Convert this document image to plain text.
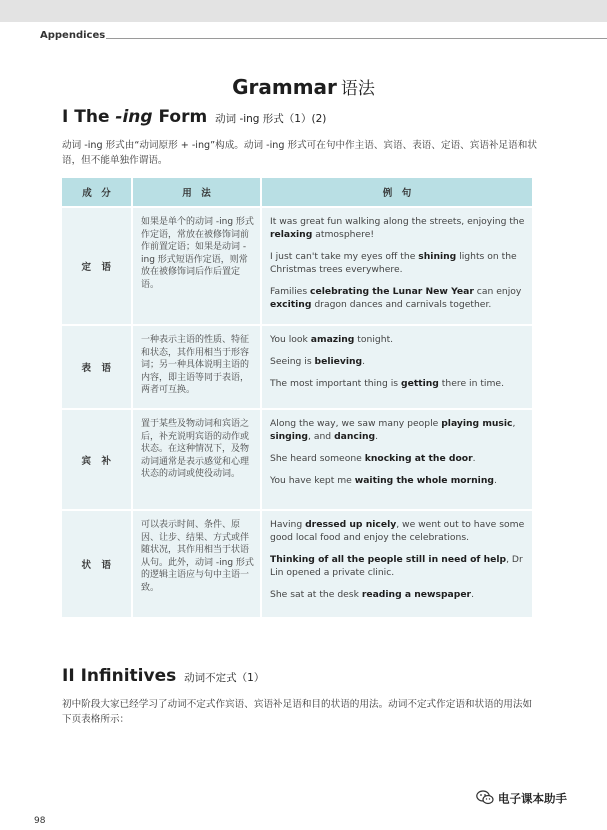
Appendices
Grammar 语法
I The -ing Form 动词 -ing 形式（1）(2)
动词 -ing 形式由“动词原形 + -ing”构成。动词 -ing 形式可在句中作主语、宾语、表语、定语、宾语补足语和状语，但不能单独作谓语。
成　分	用　法	例　句
定　语	如果是单个的动词 -ing 形式作定语，常放在被修饰词前作前置定语；如果是动词 -ing 形式短语作定语，则常放在被修饰词后作后置定语。	It was great fun walking along the streets, enjoying the relaxing atmosphere!

I just can't take my eyes off the shining lights on the Christmas trees everywhere.

Families celebrating the Lunar New Year can enjoy exciting dragon dances and carnivals together.

表　语	一种表示主语的性质、特征和状态，其作用相当于形容词；另一种具体说明主语的内容，即主语等同于表语，两者可互换。	You look amazing tonight.

Seeing is believing.

The most important thing is getting there in time.

宾　补	置于某些及物动词和宾语之后，补充说明宾语的动作或状态。在这种情况下，及物动词通常是表示感觉和心理状态的动词或使役动词。	Along the way, we saw many people playing music, singing, and dancing.

She heard someone knocking at the door.

You have kept me waiting the whole morning.

状　语	可以表示时间、条件、原因、让步、结果、方式或伴随状况，其作用相当于状语从句。此外，动词 -ing 形式的逻辑主语应与句中主语一致。	Having dressed up nicely, we went out to have some good local food and enjoy the celebrations.

Thinking of all the people still in need of help, Dr Lin opened a private clinic.

She sat at the desk reading a newspaper.

II Infinitives 动词不定式（1）
初中阶段大家已经学习了动词不定式作宾语、宾语补足语和目的状语的用法。动词不定式作定语和状语的用法如下页表格所示：
98
电子课本助手
